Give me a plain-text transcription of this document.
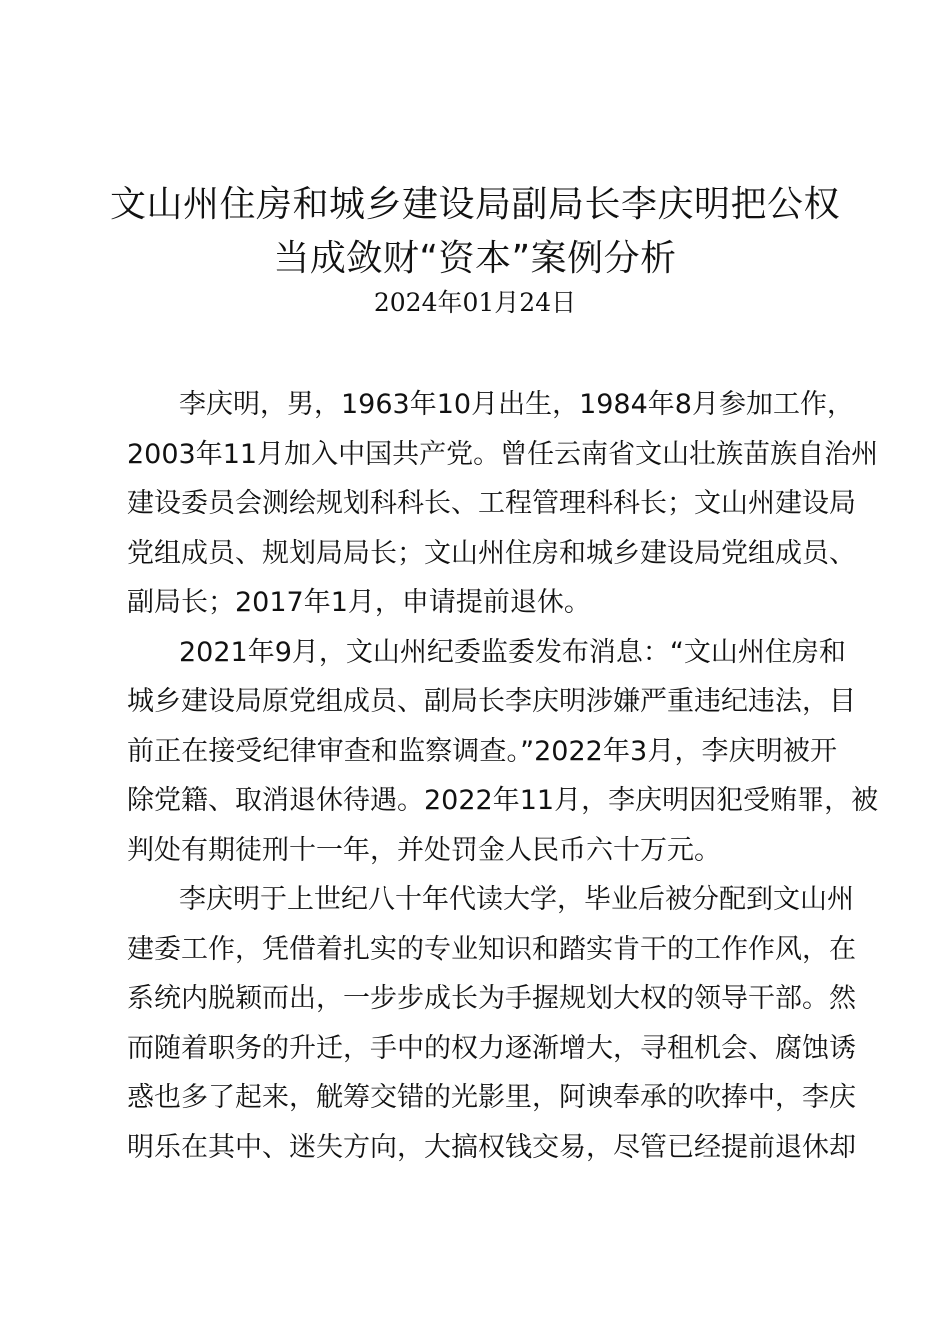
文山州住房和城乡建设局副局长李庆明把公权
当成敛财“资本”案例分析
2024年01月24日

李庆明，男，1963年10月出生，1984年8月参加工作，
2003年11月加入中国共产党。曾任云南省文山壮族苗族自治州
建设委员会测绘规划科科长、工程管理科科长；文山州建设局
党组成员、规划局局长；文山州住房和城乡建设局党组成员、
副局长；2017年1月，申请提前退休。

2021年9月，文山州纪委监委发布消息：“文山州住房和
城乡建设局原党组成员、副局长李庆明涉嫌严重违纪违法，目
前正在接受纪律审查和监察调查。”2022年3月，李庆明被开
除党籍、取消退休待遇。2022年11月，李庆明因犯受贿罪，被
判处有期徒刑十一年，并处罚金人民币六十万元。

李庆明于上世纪八十年代读大学，毕业后被分配到文山州
建委工作，凭借着扎实的专业知识和踏实肯干的工作作风，在
系统内脱颖而出，一步步成长为手握规划大权的领导干部。然
而随着职务的升迁，手中的权力逐渐增大，寻租机会、腐蚀诱
惑也多了起来，觥筹交错的光影里，阿谀奉承的吹捧中，李庆
明乐在其中、迷失方向，大搞权钱交易，尽管已经提前退休却
